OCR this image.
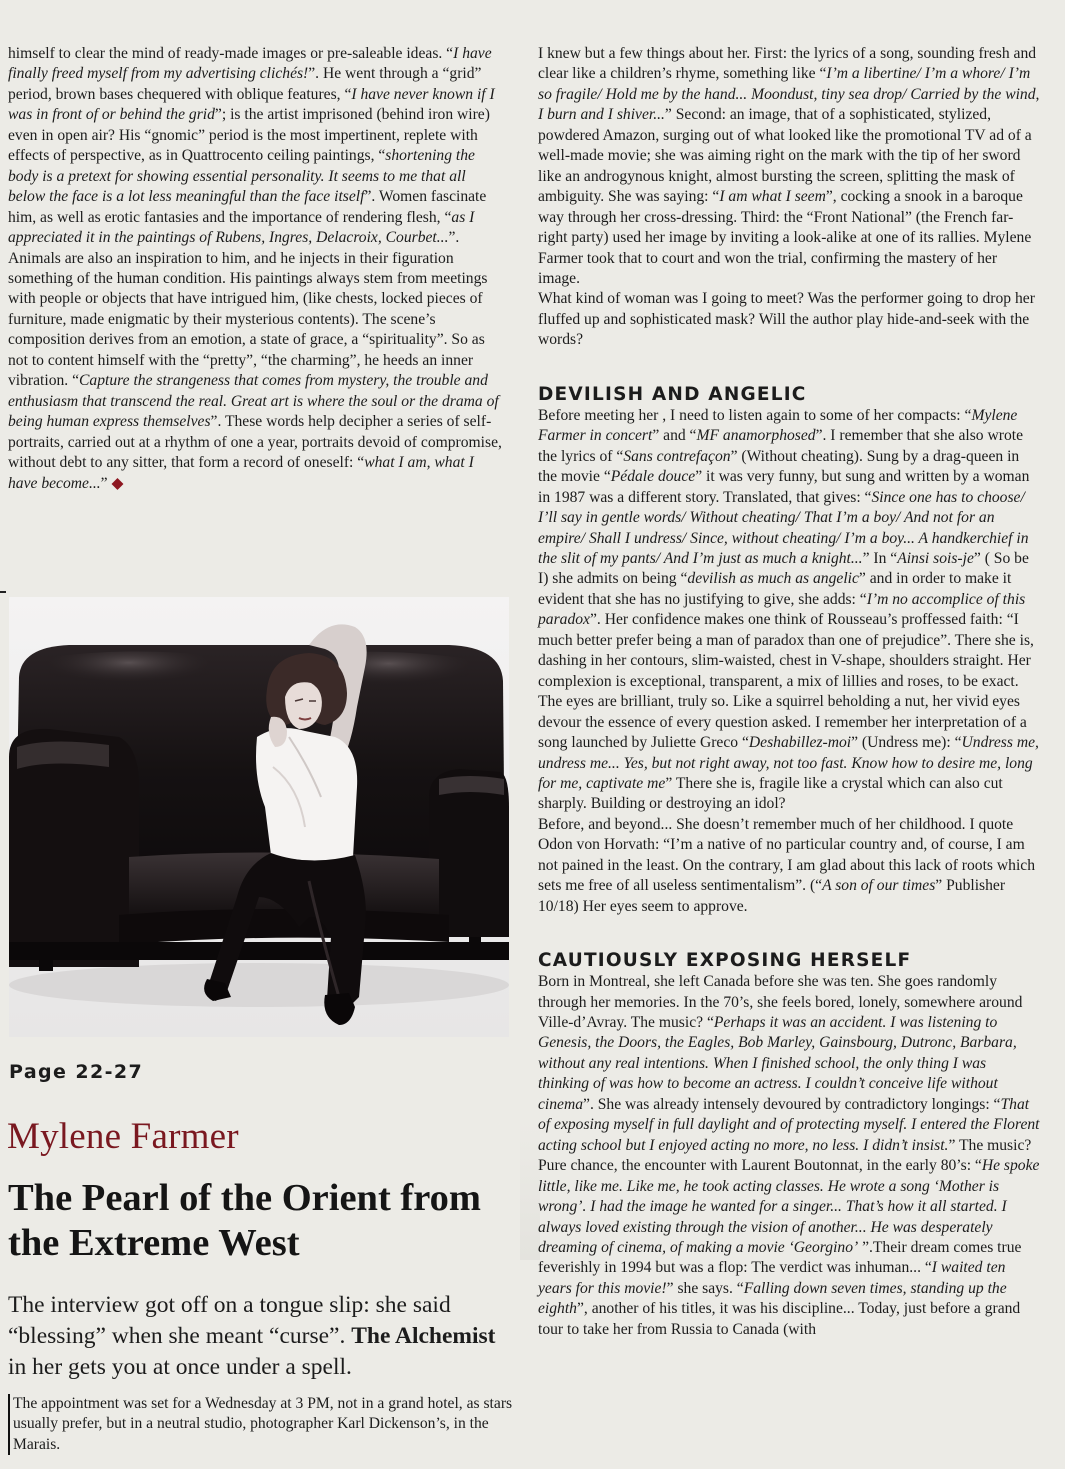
himself to clear the mind of ready-made images or pre-saleable ideas. “I have finally freed myself from my advertising clichés!”. He went through a “grid” period, brown bases chequered with oblique features, “I have never known if I was in front of or behind the grid”; is the artist imprisoned (behind iron wire) even in open air? His “gnomic” period is the most impertinent, replete with effects of perspective, as in Quattrocento ceiling paintings, “shortening the body is a pretext for showing essential personality. It seems to me that all below the face is a lot less meaningful than the face itself”. Women fascinate him, as well as erotic fantasies and the importance of rendering flesh, “as I appreciated it in the paintings of Rubens, Ingres, Delacroix, Courbet...”. Animals are also an inspiration to him, and he injects in their figuration something of the human condition. His paintings always stem from meetings with people or objects that have intrigued him, (like chests, locked pieces of furniture, made enigmatic by their mysterious contents). The scene’s composition derives from an emotion, a state of grace, a “spirituality”. So as not to content himself with the “pretty”, “the charming”, he heeds an inner vibration. “Capture the strangeness that comes from mystery, the trouble and enthusiasm that transcend the real. Great art is where the soul or the drama of being human express themselves”. These words help decipher a series of self-portraits, carried out at a rhythm of one a year, portraits devoid of compromise, without debt to any sitter, that form a record of oneself: “what I am, what I have become...” ◆

Page 22-27

Mylene Farmer
The Pearl of the Orient from the Extreme West

The interview got off on a tongue slip: she said “blessing” when she meant “curse”. The Alchemist in her gets you at once under a spell.

The appointment was set for a Wednesday at 3 PM, not in a grand hotel, as stars usually prefer, but in a neutral studio, photographer Karl Dickenson’s, in the Marais.

I knew but a few things about her. First: the lyrics of a song, sounding fresh and clear like a children’s rhyme, something like “I’m a libertine/ I’m a whore/ I’m so fragile/ Hold me by the hand... Moondust, tiny sea drop/ Carried by the wind, I burn and I shiver...” Second: an image, that of a sophisticated, stylized, powdered Amazon, surging out of what looked like the promotional TV ad of a well-made movie; she was aiming right on the mark with the tip of her sword like an androgynous knight, almost bursting the screen, splitting the mask of ambiguity. She was saying: “I am what I seem”, cocking a snook in a baroque way through her cross-dressing. Third: the “Front National” (the French far-right party) used her image by inviting a look-alike at one of its rallies. Mylene Farmer took that to court and won the trial, confirming the mastery of her image.

What kind of woman was I going to meet? Was the performer going to drop her fluffed up and sophisticated mask? Will the author play hide-and-seek with the words?

DEVILISH AND ANGELIC

Before meeting her , I need to listen again to some of her compacts: “Mylene Farmer in concert” and “MF anamorphosed”. I remember that she also wrote the lyrics of “Sans contrefaçon” (Without cheating). Sung by a drag-queen in the movie “Pédale douce” it was very funny, but sung and written by a woman in 1987 was a different story. Translated, that gives: “Since one has to choose/ I’ll say in gentle words/ Without cheating/ That I’m a boy/ And not for an empire/ Shall I undress/ Since, without cheating/ I’m a boy... A handkerchief in the slit of my pants/ And I’m just as much a knight...” In “Ainsi sois-je” ( So be I) she admits on being “devilish as much as angelic” and in order to make it evident that she has no justifying to give, she adds: “I’m no accomplice of this paradox”. Her confidence makes one think of Rousseau’s proffessed faith: “I much better prefer being a man of paradox than one of prejudice”. There she is, dashing in her contours, slim-waisted, chest in V-shape, shoulders straight. Her complexion is exceptional, transparent, a mix of lillies and roses, to be exact. The eyes are brilliant, truly so. Like a squirrel beholding a nut, her vivid eyes devour the essence of every question asked. I remember her interpretation of a song launched by Juliette Greco “Deshabillez-moi” (Undress me): “Undress me, undress me... Yes, but not right away, not too fast. Know how to desire me, long for me, captivate me” There she is, fragile like a crystal which can also cut sharply. Building or destroying an idol?

Before, and beyond... She doesn’t remember much of her childhood. I quote Odon von Horvath: “I’m a native of no particular country and, of course, I am not pained in the least. On the contrary, I am glad about this lack of roots which sets me free of all useless sentimentalism”. (“A son of our times” Publisher 10/18) Her eyes seem to approve.

CAUTIOUSLY EXPOSING HERSELF

Born in Montreal, she left Canada before she was ten. She goes randomly through her memories. In the 70’s, she feels bored, lonely, somewhere around Ville-d’Avray. The music? “Perhaps it was an accident. I was listening to Genesis, the Doors, the Eagles, Bob Marley, Gainsbourg, Dutronc, Barbara, without any real intentions. When I finished school, the only thing I was thinking of was how to become an actress. I couldn’t conceive life without cinema”. She was already intensely devoured by contradictory longings: “That of exposing myself in full daylight and of protecting myself. I entered the Florent acting school but I enjoyed acting no more, no less. I didn’t insist.” The music? Pure chance, the encounter with Laurent Boutonnat, in the early 80’s: “He spoke little, like me. Like me, he took acting classes. He wrote a song ‘Mother is wrong’. I had the image he wanted for a singer... That’s how it all started. I always loved existing through the vision of another... He was desperately dreaming of cinema, of making a movie ‘Georgino’ ”.Their dream comes true feverishly in 1994 but was a flop: The verdict was inhuman... “I waited ten years for this movie!” she says. “Falling down seven times, standing up the eighth”, another of his titles, it was his discipline... Today, just before a grand tour to take her from Russia to Canada (with
